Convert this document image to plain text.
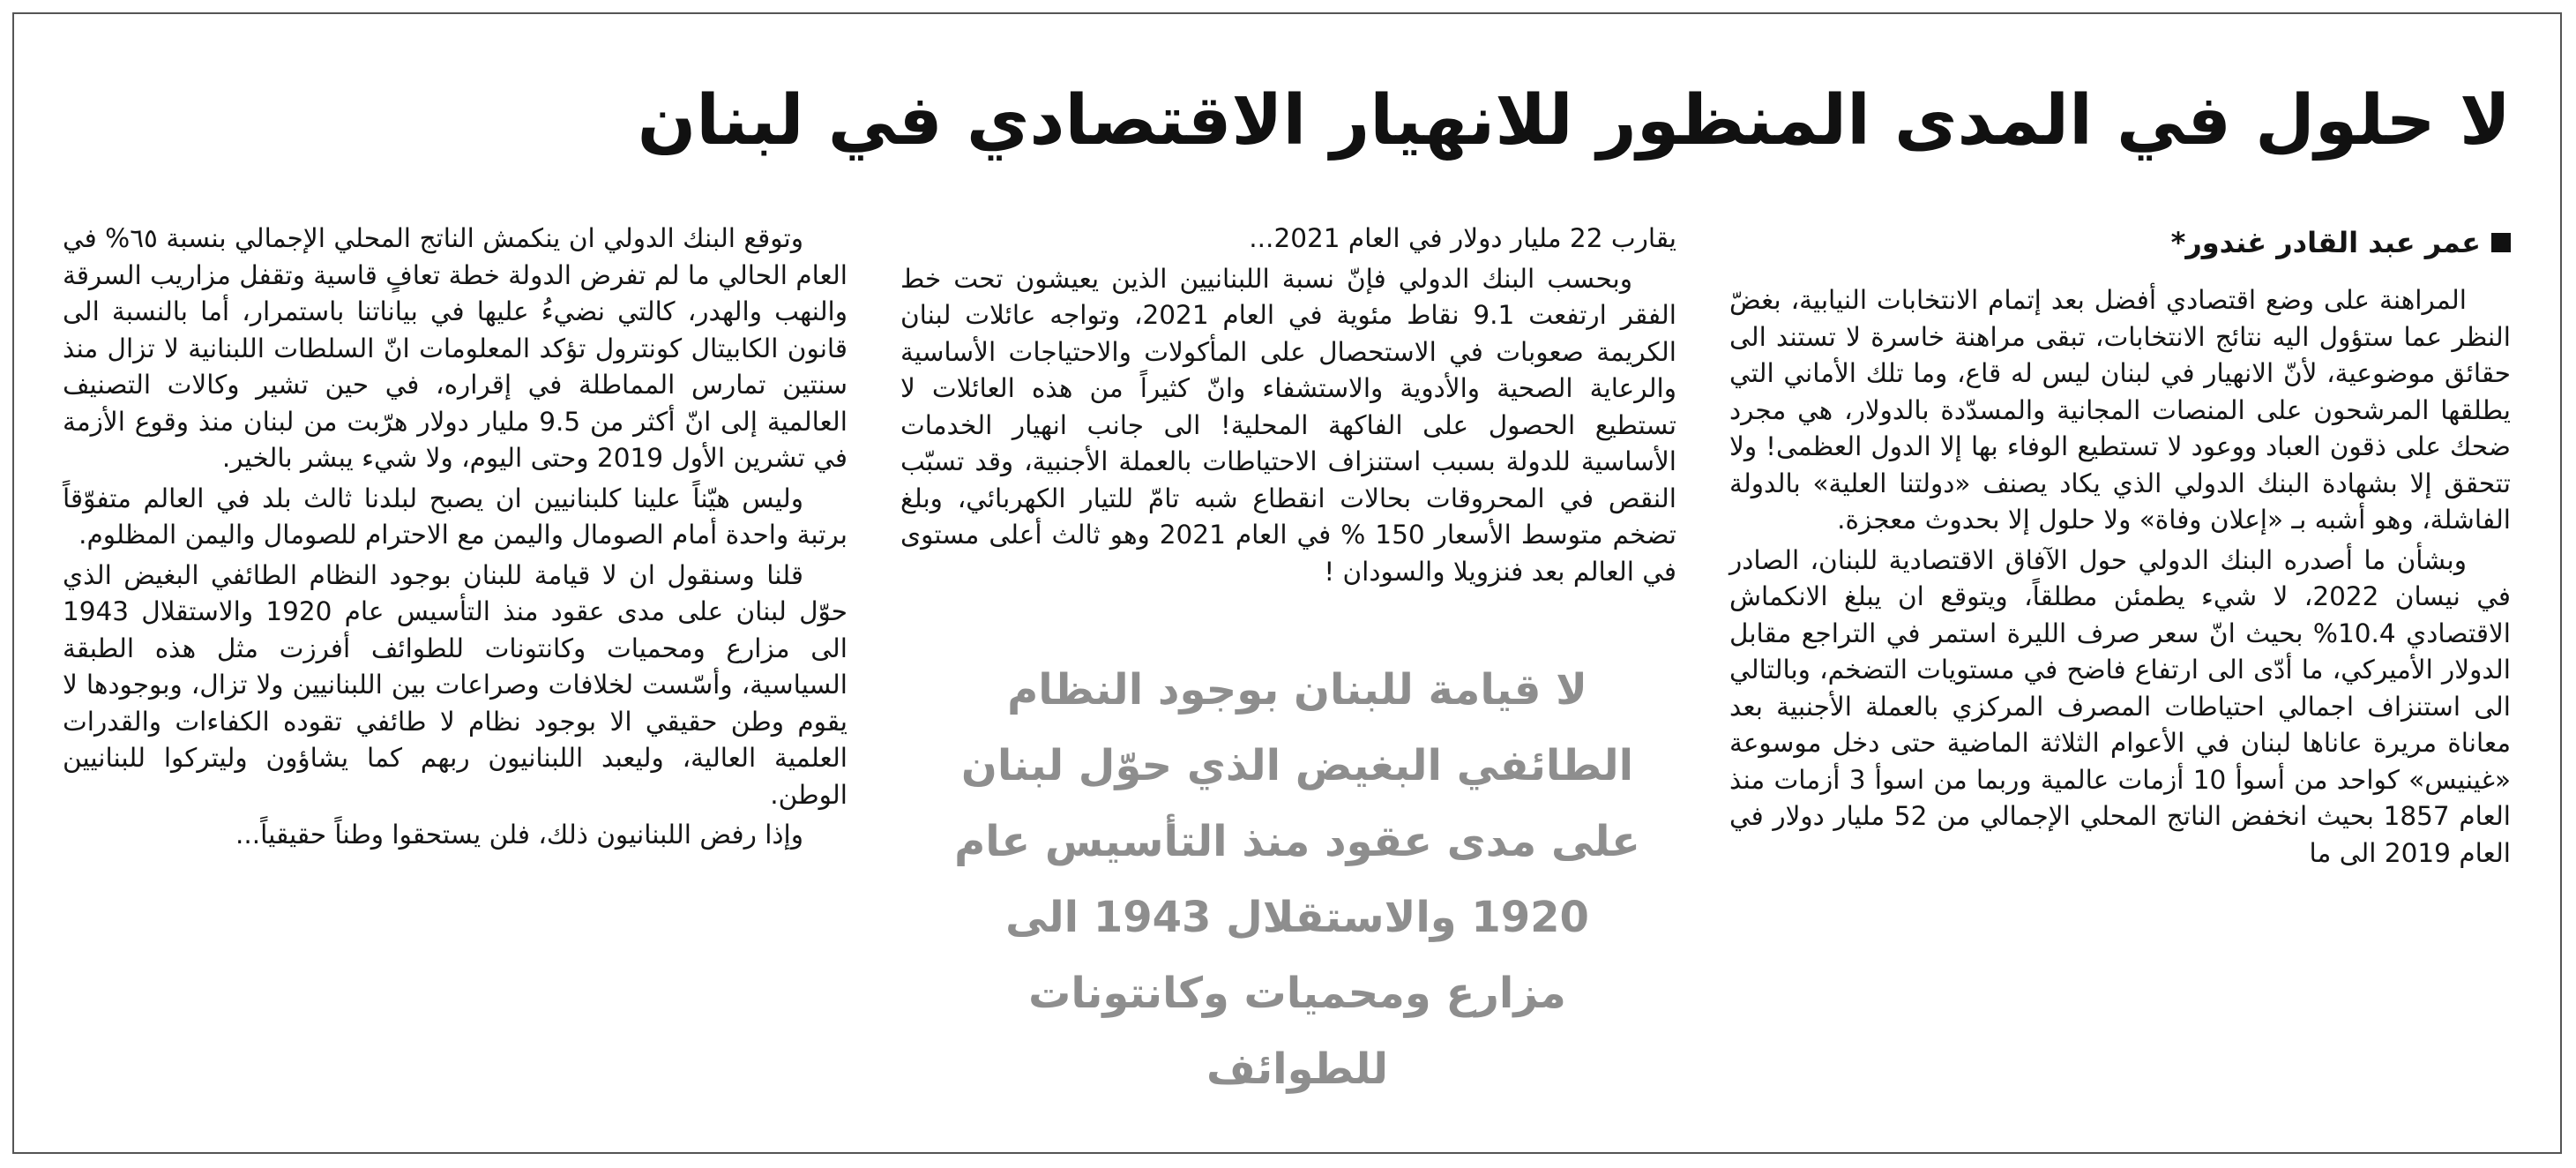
لا حلول في المدى المنظور للانهيار الاقتصادي في لبنان
عمر عبد القادر غندور*

المراهنة على وضع اقتصادي أفضل بعد إتمام الانتخابات النيابية، بغضّ النظر عما ستؤول اليه نتائج الانتخابات، تبقى مراهنة خاسرة لا تستند الى حقائق موضوعية، لأنّ الانهيار في لبنان ليس له قاع، وما تلك الأماني التي يطلقها المرشحون على المنصات المجانية والمسدّدة بالدولار، هي مجرد ضحك على ذقون العباد ووعود لا تستطيع الوفاء بها إلا الدول العظمى! ولا تتحقق إلا بشهادة البنك الدولي الذي يكاد يصنف «دولتنا العلية» بالدولة الفاشلة، وهو أشبه بـ «إعلان وفاة» ولا حلول إلا بحدوث معجزة.

وبشأن ما أصدره البنك الدولي حول الآفاق الاقتصادية للبنان، الصادر في نيسان 2022، لا شيء يطمئن مطلقاً، ويتوقع ان يبلغ الانكماش الاقتصادي 10.4% بحيث انّ سعر صرف الليرة استمر في التراجع مقابل الدولار الأميركي، ما أدّى الى ارتفاع فاضح في مستويات التضخم، وبالتالي الى استنزاف اجمالي احتياطات المصرف المركزي بالعملة الأجنبية بعد معاناة مريرة عاناها لبنان في الأعوام الثلاثة الماضية حتى دخل موسوعة «غينيس» كواحد من أسوأ 10 أزمات عالمية وربما من اسوأ 3 أزمات منذ العام 1857 بحيث انخفض الناتج المحلي الإجمالي من 52 مليار دولار في العام 2019 الى ما

يقارب 22 مليار دولار في العام 2021...

وبحسب البنك الدولي فإنّ نسبة اللبنانيين الذين يعيشون تحت خط الفقر ارتفعت 9.1 نقاط مئوية في العام 2021، وتواجه عائلات لبنان الكريمة صعوبات في الاستحصال على المأكولات والاحتياجات الأساسية والرعاية الصحية والأدوية والاستشفاء وانّ كثيراً من هذه العائلات لا تستطيع الحصول على الفاكهة المحلية! الى جانب انهيار الخدمات الأساسية للدولة بسبب استنزاف الاحتياطات بالعملة الأجنبية، وقد تسبّب النقص في المحروقات بحالات انقطاع شبه تامّ للتيار الكهربائي، وبلغ تضخم متوسط الأسعار 150 % في العام 2021 وهو ثالث أعلى مستوى في العالم بعد فنزويلا والسودان !

لا قيامة للبنان بوجود النظام الطائفي البغيض الذي حوّل لبنان على مدى عقود منذ التأسيس عام 1920 والاستقلال 1943 الى مزارع ومحميات وكانتونات للطوائف

وتوقع البنك الدولي ان ينكمش الناتج المحلي الإجمالي بنسبة ٦٥% في العام الحالي ما لم تفرض الدولة خطة تعافٍ قاسية وتقفل مزاريب السرقة والنهب والهدر، كالتي نضيءُ عليها في بياناتنا باستمرار، أما بالنسبة الى قانون الكابيتال كونترول تؤكد المعلومات انّ السلطات اللبنانية لا تزال منذ سنتين تمارس المماطلة في إقراره، في حين تشير وكالات التصنيف العالمية إلى انّ أكثر من 9.5 مليار دولار هرّبت من لبنان منذ وقوع الأزمة في تشرين الأول 2019 وحتى اليوم، ولا شيء يبشر بالخير.

وليس هيّناً علينا كلبنانيين ان يصبح لبلدنا ثالث بلد في العالم متفوّقاً برتبة واحدة أمام الصومال واليمن مع الاحترام للصومال واليمن المظلوم.

قلنا وسنقول ان لا قيامة للبنان بوجود النظام الطائفي البغيض الذي حوّل لبنان على مدى عقود منذ التأسيس عام 1920 والاستقلال 1943 الى مزارع ومحميات وكانتونات للطوائف أفرزت مثل هذه الطبقة السياسية، وأسّست لخلافات وصراعات بين اللبنانيين ولا تزال، وبوجودها لا يقوم وطن حقيقي الا بوجود نظام لا طائفي تقوده الكفاءات والقدرات العلمية العالية، وليعبد اللبنانيون ربهم كما يشاؤون وليتركوا للبنانيين الوطن.

وإذا رفض اللبنانيون ذلك، فلن يستحقوا وطناً حقيقياً...
